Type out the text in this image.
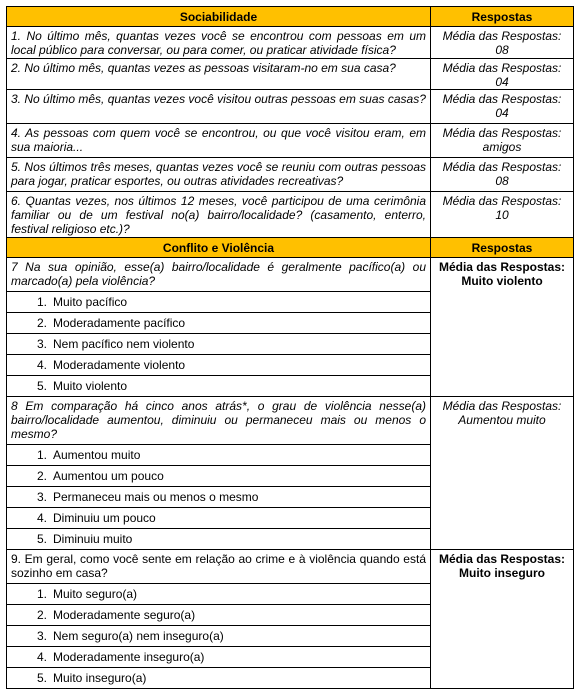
Sociabilidade	Respostas
1. No último mês, quantas vezes você se encontrou com pessoas em um local público para conversar, ou para comer, ou praticar atividade física?	Média das Respostas: 08
2. No último mês, quantas vezes as pessoas visitaram-no em sua casa?	Média das Respostas: 04
3. No último mês, quantas vezes você visitou outras pessoas em suas casas?	Média das Respostas: 04
4. As pessoas com quem você se encontrou, ou que você visitou eram, em sua maioria...	Média das Respostas: amigos
5. Nos últimos três meses, quantas vezes você se reuniu com outras pessoas para jogar, praticar esportes, ou outras atividades recreativas?	Média das Respostas: 08
6. Quantas vezes, nos últimos 12 meses, você participou de uma cerimônia familiar ou de um festival no(a) bairro/localidade? (casamento, enterro, festival religioso etc.)?	Média das Respostas: 10
Conflito e Violência	Respostas
7 Na sua opinião, esse(a) bairro/localidade é geralmente pacífico(a) ou marcado(a) pela violência?	Média das Respostas: Muito violento
1. Muito pacífico	
2. Moderadamente pacífico	
3. Nem pacífico nem violento	
4. Moderadamente violento	
5. Muito violento	
8 Em comparação há cinco anos atrás*, o grau de violência nesse(a) bairro/localidade aumentou, diminuiu ou permaneceu mais ou menos o mesmo?	Média das Respostas: Aumentou muito
1. Aumentou muito	
2. Aumentou um pouco	
3. Permaneceu mais ou menos o mesmo	
4. Diminuiu um pouco	
5. Diminuiu muito	
9. Em geral, como você sente em relação ao crime e à violência quando está sozinho em casa?	Média das Respostas: Muito inseguro
1. Muito seguro(a)	
2. Moderadamente seguro(a)	
3. Nem seguro(a) nem inseguro(a)	
4. Moderadamente inseguro(a)	
5. Muito inseguro(a)	
